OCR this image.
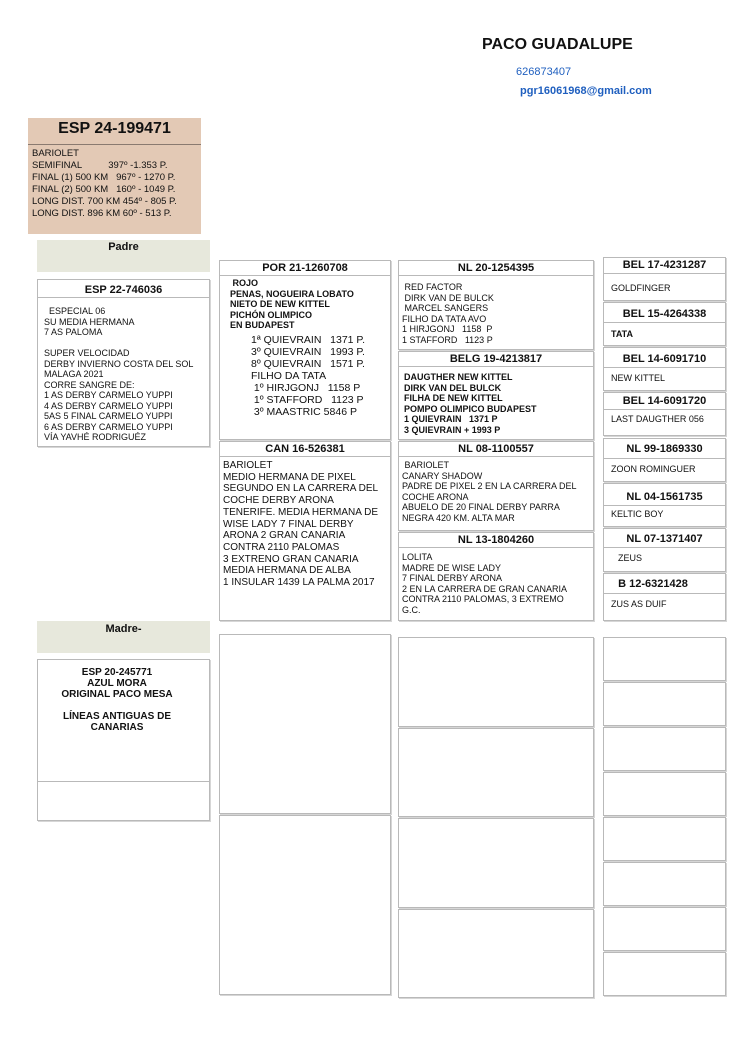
PACO GUADALUPE
626873407
pgr16061968@gmail.com
ESP 24-199471
BARIOLET
SEMIFINAL          397º -1.353 P.
FINAL (1) 500 KM   967º - 1270 P.
FINAL (2) 500 KM   160º - 1049 P.
LONG DIST. 700 KM 454º - 805 P.
LONG DIST. 896 KM 60º - 513 P.
Padre
ESP 22-746036
ESPECIAL 06
SU MEDIA HERMANA
7 AS PALOMA

SUPER VELOCIDAD
DERBY INVIERNO COSTA DEL SOL
MALAGA 2021
CORRE SANGRE DE:
1 AS DERBY CARMELO YUPPI
4 AS DERBY CARMELO YUPPI
5AS 5 FINAL CARMELO YUPPI
6 AS DERBY CARMELO YUPPI
VÍA YAVHÉ RODRIGUÉZ
Madre-
ESP 20-245771
AZUL MORA
ORIGINAL PACO MESA

LÍNEAS ANTIGUAS DE
CANARIAS
POR 21-1260708
ROJO
PENAS, NOGUEIRA LOBATO
NIETO DE NEW KITTEL
PICHÓN OLIMPICO
EN BUDAPEST
1ª QUIEVRAIN   1371 P.
3º QUIEVRAIN   1993 P.
8º QUIEVRAIN   1571 P.
FILHO DA TATA
1º HIRJGONJ   1158 P
1º STAFFORD   1123 P
3º MAASTRIC 5846 P
CAN 16-526381
BARIOLET
MEDIO HERMANA DE PIXEL
SEGUNDO EN LA CARRERA DEL
COCHE DERBY ARONA
TENERIFE. MEDIA HERMANA DE
WISE LADY 7 FINAL DERBY
ARONA 2 GRAN CANARIA
CONTRA 2110 PALOMAS
3 EXTRENO GRAN CANARIA
MEDIA HERMANA DE ALBA
1 INSULAR 1439 LA PALMA 2017
NL 20-1254395
RED FACTOR
DIRK VAN DE BULCK
MARCEL SANGERS
FILHO DA TATA AVO
1 HIRJGONJ   1158  P
1 STAFFORD   1123 P
BELG 19-4213817
DAUGTHER NEW KITTEL
DIRK VAN DEL BULCK
FILHA DE NEW KITTEL
POMPO OLIMPICO BUDAPEST
1 QUIEVRAIN   1371 P
3 QUIEVRAIN + 1993 P
NL 08-1100557
BARIOLET
CANARY SHADOW
PADRE DE PIXEL 2 EN LA CARRERA DEL
COCHE ARONA
ABUELO DE 20 FINAL DERBY PARRA
NEGRA 420 KM. ALTA MAR
NL 13-1804260
LOLITA
MADRE DE WISE LADY
7 FINAL DERBY ARONA
2 EN LA CARRERA DE GRAN CANARIA
CONTRA 2110 PALOMAS, 3 EXTREMO
G.C.
BEL 17-4231287
GOLDFINGER
BEL 15-4264338
TATA
BEL 14-6091710
NEW KITTEL
BEL 14-6091720
LAST DAUGTHER 056
NL 99-1869330
ZOON ROMINGUER
NL 04-1561735
KELTIC BOY
NL 07-1371407
ZEUS
B 12-6321428
ZUS AS DUIF
